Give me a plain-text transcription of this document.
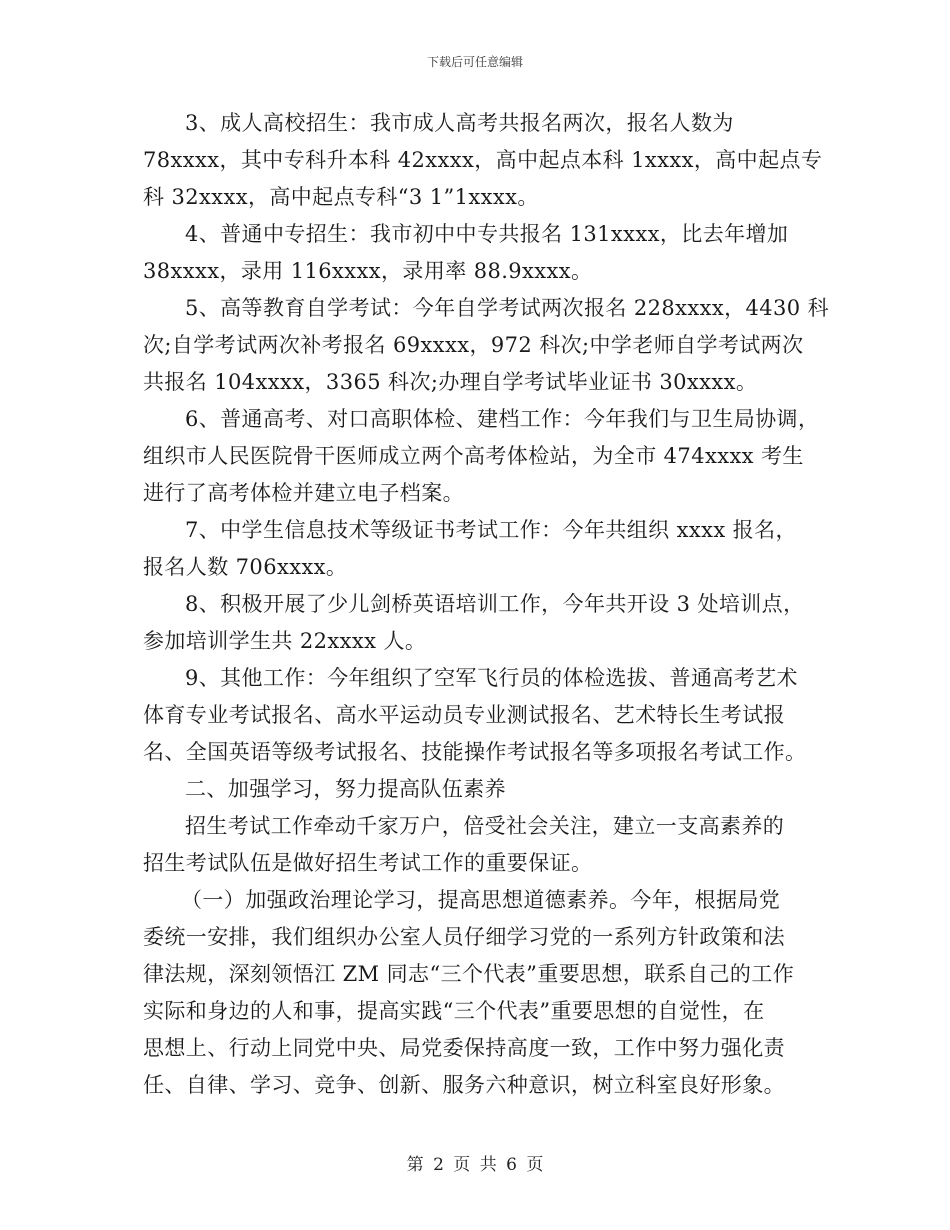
下载后可任意编辑

3、成人高校招生：我市成人高考共报名两次，报名人数为
78xxxx，其中专科升本科 42xxxx，高中起点本科 1xxxx，高中起点专
科 32xxxx，高中起点专科“3 1”1xxxx。

4、普通中专招生：我市初中中专共报名 131xxxx，比去年增加
38xxxx，录用 116xxxx，录用率 88.9xxxx。

5、高等教育自学考试：今年自学考试两次报名 228xxxx，4430 科
次;自学考试两次补考报名 69xxxx，972 科次;中学老师自学考试两次
共报名 104xxxx，3365 科次;办理自学考试毕业证书 30xxxx。

6、普通高考、对口高职体检、建档工作：今年我们与卫生局协调，
组织市人民医院骨干医师成立两个高考体检站，为全市 474xxxx 考生
进行了高考体检并建立电子档案。

7、中学生信息技术等级证书考试工作：今年共组织 xxxx 报名，
报名人数 706xxxx。

8、积极开展了少儿剑桥英语培训工作，今年共开设 3 处培训点，
参加培训学生共 22xxxx 人。

9、其他工作：今年组织了空军飞行员的体检选拔、普通高考艺术
体育专业考试报名、高水平运动员专业测试报名、艺术特长生考试报
名、全国英语等级考试报名、技能操作考试报名等多项报名考试工作。

二、加强学习，努力提高队伍素养

招生考试工作牵动千家万户，倍受社会关注，建立一支高素养的
招生考试队伍是做好招生考试工作的重要保证。

（一）加强政治理论学习，提高思想道德素养。今年，根据局党
委统一安排，我们组织办公室人员仔细学习党的一系列方针政策和法
律法规，深刻领悟江 ZM 同志“三个代表”重要思想，联系自己的工作
实际和身边的人和事，提高实践“三个代表”重要思想的自觉性，在
思想上、行动上同党中央、局党委保持高度一致，工作中努力强化责
任、自律、学习、竞争、创新、服务六种意识，树立科室良好形象。

第 2 页 共 6 页
